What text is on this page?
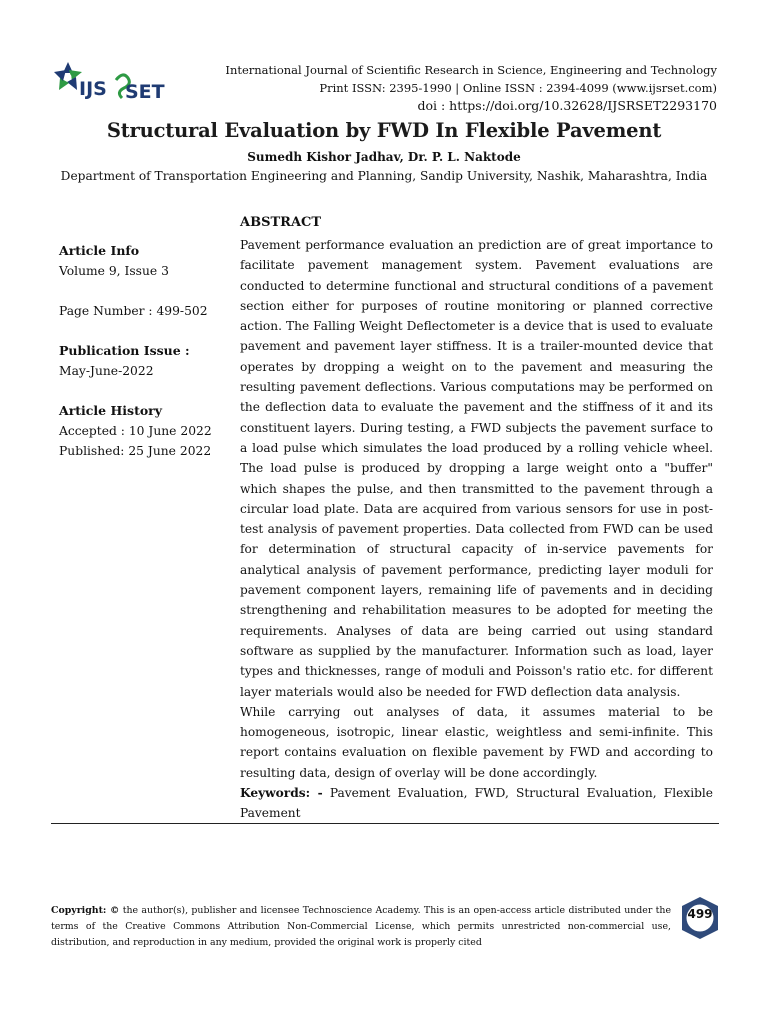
IJS SET
International Journal of Scientific Research in Science, Engineering and Technology
Print ISSN: 2395-1990 | Online ISSN : 2394-4099 (www.ijsrset.com)
doi : https://doi.org/10.32628/IJSRSET2293170
Structural Evaluation by FWD In Flexible Pavement
Sumedh Kishor Jadhav, Dr. P. L. Naktode
Department of Transportation Engineering and Planning, Sandip University, Nashik, Maharashtra, India
Article Info
Volume 9, Issue 3
Page Number : 499-502
Publication Issue :
May-June-2022
Article History
Accepted : 10 June 2022
Published: 25 June 2022
ABSTRACT

Pavement performance evaluation an prediction are of great importance to facilitate pavement management system. Pavement evaluations are conducted to determine functional and structural conditions of a pavement section either for purposes of routine monitoring or planned corrective action. The Falling Weight Deflectometer is a device that is used to evaluate pavement and pavement layer stiffness. It is a trailer-mounted device that operates by dropping a weight on to the pavement and measuring the resulting pavement deflections. Various computations may be performed on the deflection data to evaluate the pavement and the stiffness of it and its constituent layers. During testing, a FWD subjects the pavement surface to a load pulse which simulates the load produced by a rolling vehicle wheel. The load pulse is produced by dropping a large weight onto a "buffer" which shapes the pulse, and then transmitted to the pavement through a circular load plate. Data are acquired from various sensors for use in post-test analysis of pavement properties. Data collected from FWD can be used for determination of structural capacity of in-service pavements for analytical analysis of pavement performance, predicting layer moduli for pavement component layers, remaining life of pavements and in deciding strengthening and rehabilitation measures to be adopted for meeting the requirements. Analyses of data are being carried out using standard software as supplied by the manufacturer. Information such as load, layer types and thicknesses, range of moduli and Poisson's ratio etc. for different layer materials would also be needed for FWD deflection data analysis.

While carrying out analyses of data, it assumes material to be homogeneous, isotropic, linear elastic, weightless and semi-infinite. This report contains evaluation on flexible pavement by FWD and according to resulting data, design of overlay will be done accordingly.

Keywords: - Pavement Evaluation, FWD, Structural Evaluation, Flexible Pavement

Copyright: © the author(s), publisher and licensee Technoscience Academy. This is an open-access article distributed under the terms of the Creative Commons Attribution Non-Commercial License, which permits unrestricted non-commercial use, distribution, and reproduction in any medium, provided the original work is properly cited
499
